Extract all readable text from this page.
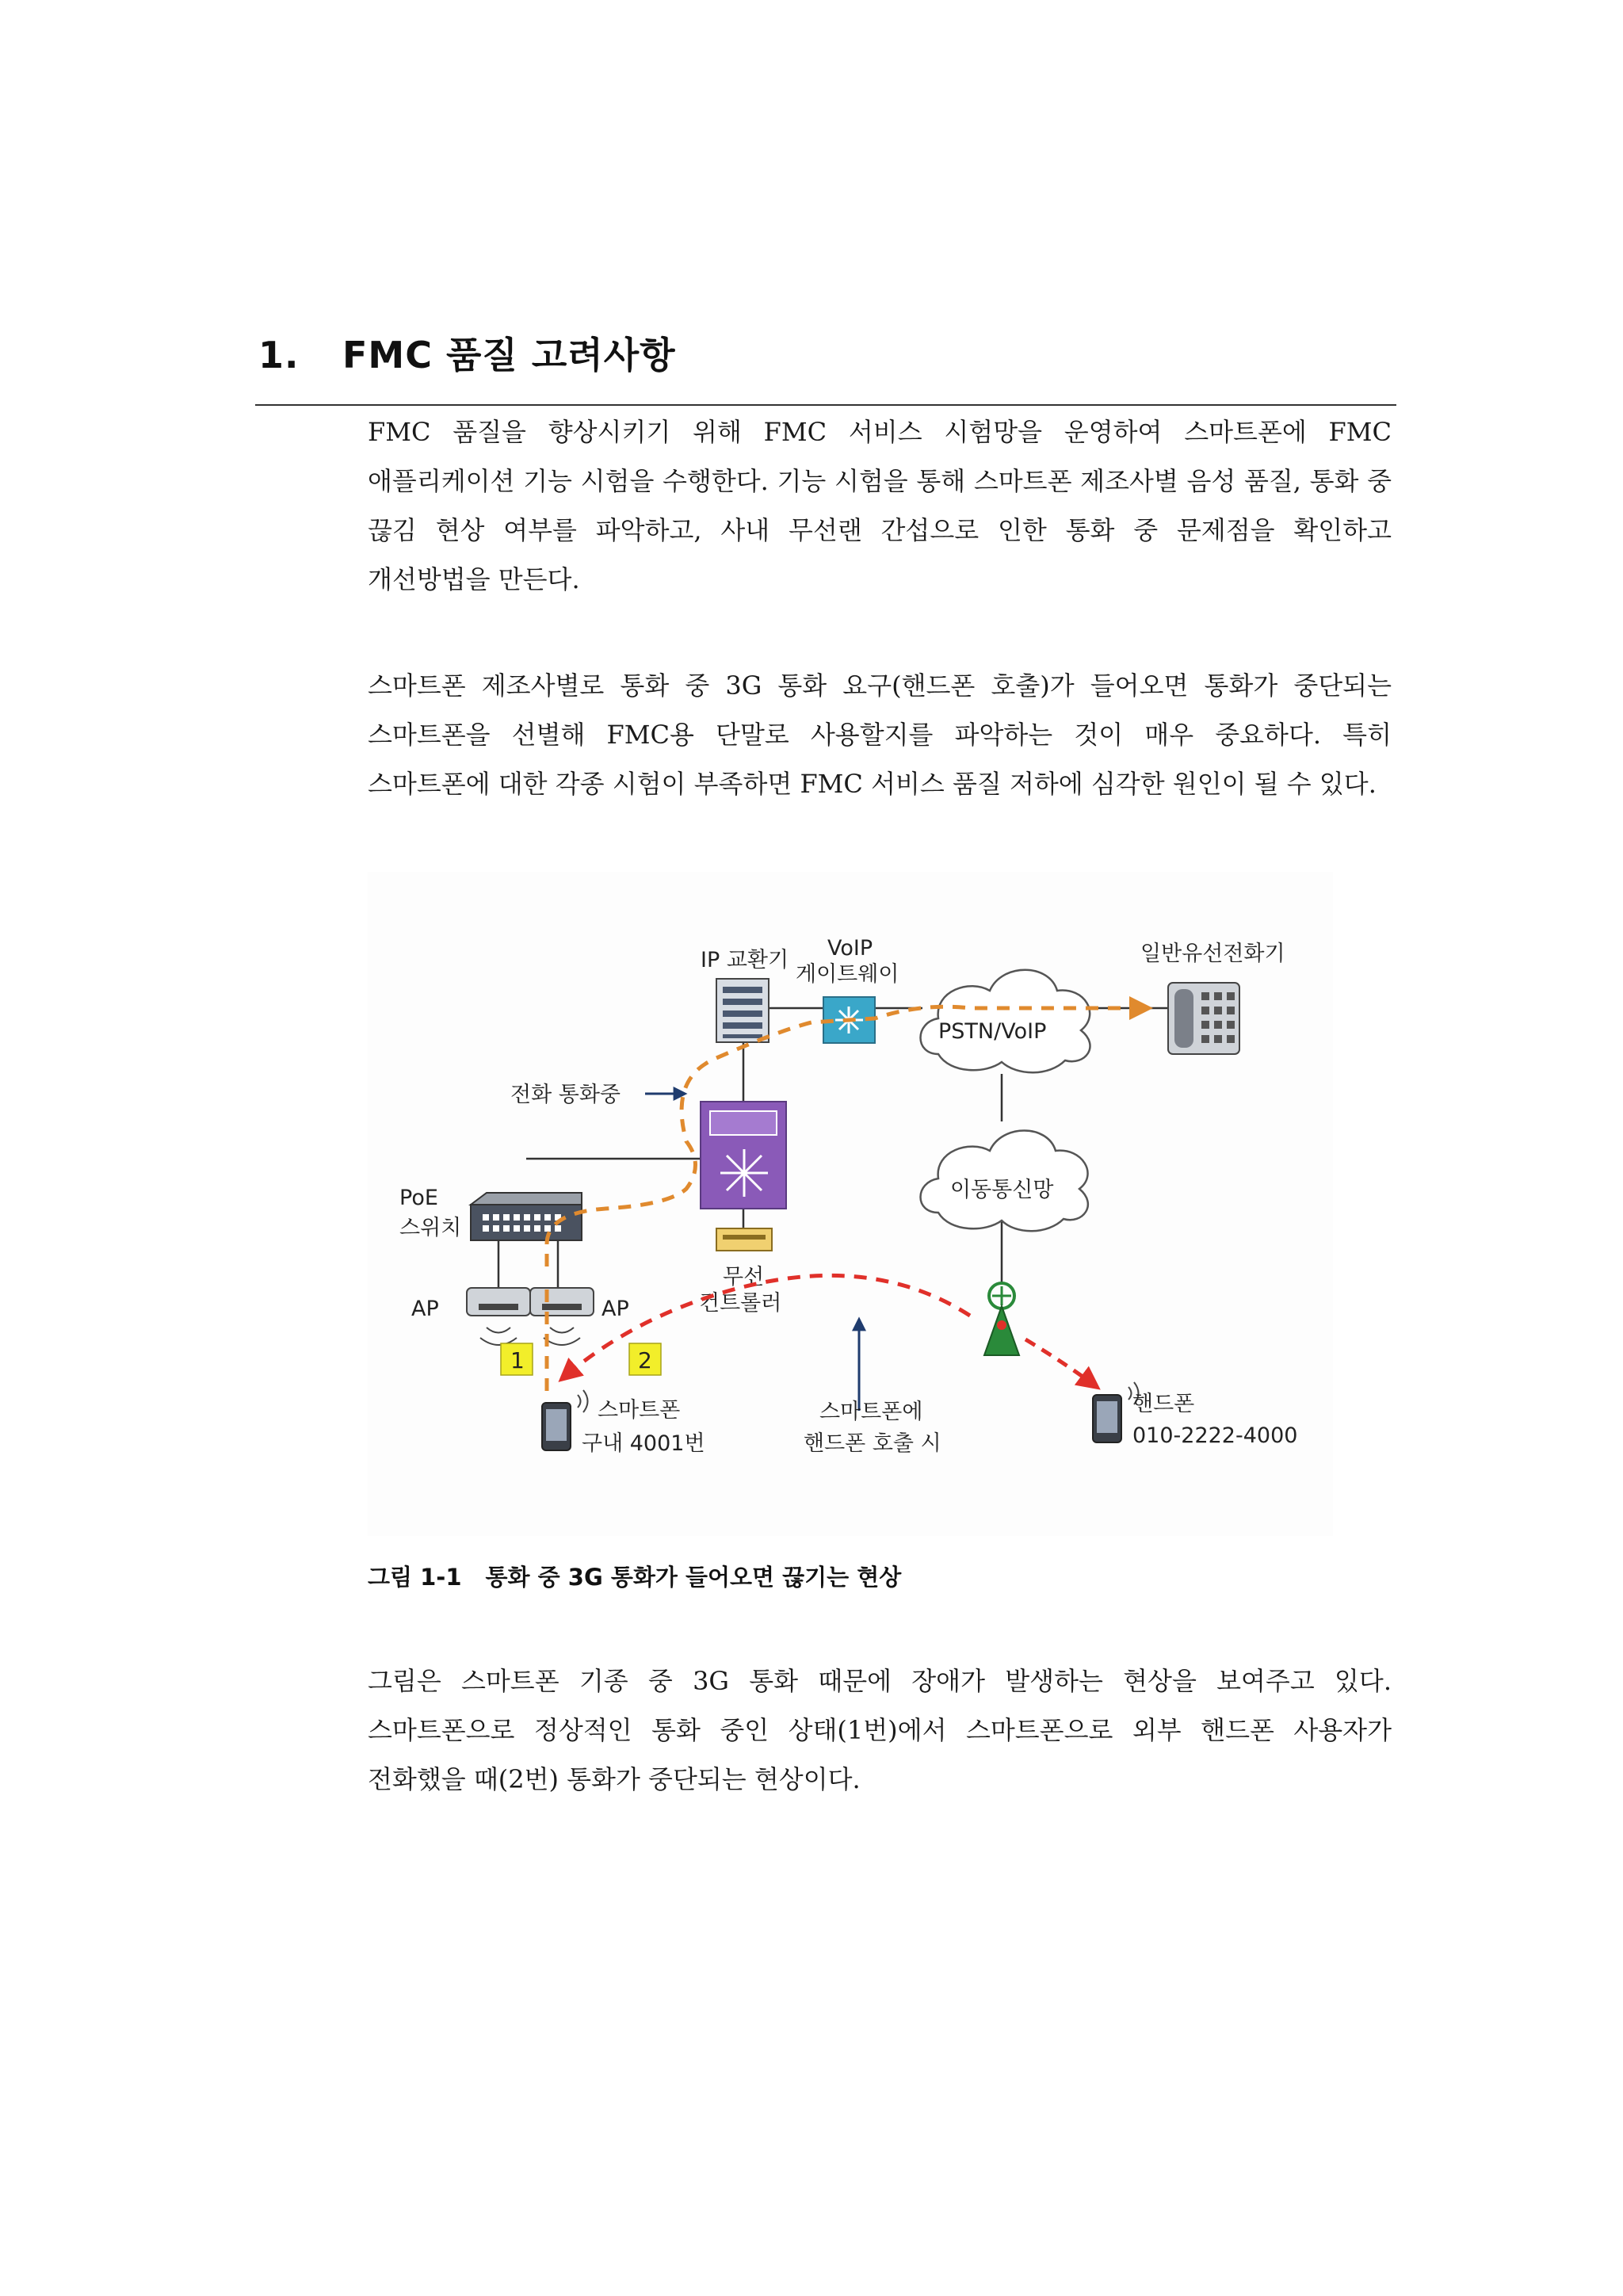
1. FMC 품질 고려사항

FMC 품질을 향상시키기 위해 FMC 서비스 시험망을 운영하여 스마트폰에 FMC 애플리케이션 기능 시험을 수행한다. 기능 시험을 통해 스마트폰 제조사별 음성 품질, 통화 중 끊김 현상 여부를 파악하고, 사내 무선랜 간섭으로 인한 통화 중 문제점을 확인하고 개선방법을 만든다.

스마트폰 제조사별로 통화 중 3G 통화 요구(핸드폰 호출)가 들어오면 통화가 중단되는 스마트폰을 선별해 FMC용 단말로 사용할지를 파악하는 것이 매우 중요하다. 특히 스마트폰에 대한 각종 시험이 부족하면 FMC 서비스 품질 저하에 심각한 원인이 될 수 있다.

IP 교환기 VoIP
게이트웨이
PSTN/VoIP
일반유선전화기
전화 통화중
무선
컨트롤러
PoE
스위치
이동통신망
AP	AP
1	2
스마트폰
구내 4001번
스마트폰에
핸드폰 호출 시
핸드폰
010-2222-4000

그림 1-1 통화 중 3G 통화가 들어오면 끊기는 현상

그림은 스마트폰 기종 중 3G 통화 때문에 장애가 발생하는 현상을 보여주고 있다. 스마트폰으로 정상적인 통화 중인 상태(1번)에서 스마트폰으로 외부 핸드폰 사용자가 전화했을 때(2번) 통화가 중단되는 현상이다.
